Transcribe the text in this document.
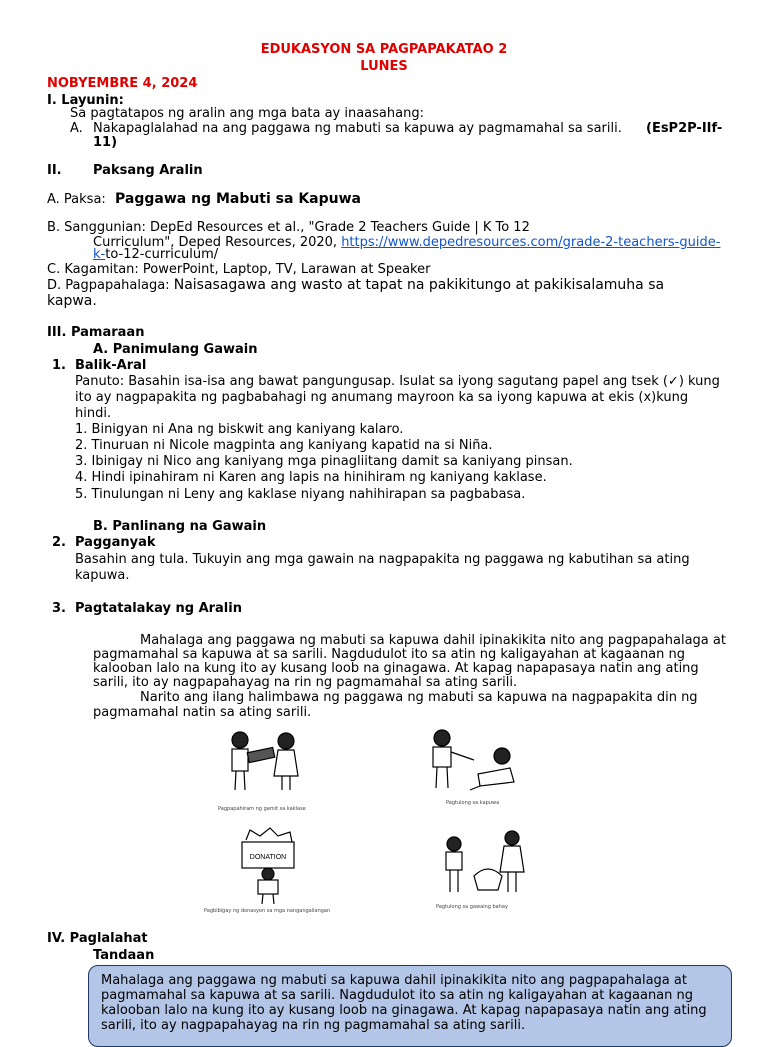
EDUKASYON SA PAGPAPAKATAO 2
LUNES
NOBYEMBRE 4, 2024
I. Layunin:
Sa pagtatapos ng aralin ang mga bata ay inaasahang:
A. Nakapaglalahad na ang paggawa ng mabuti sa kapuwa ay pagmamahal sa sarili. (EsP2P-IIf-
11)
II. Paksang Aralin
A. Paksa: Paggawa ng Mabuti sa Kapuwa
B. Sanggunian: DepEd Resources et al., "Grade 2 Teachers Guide | K To 12
Curriculum", Deped Resources, 2020, https://www.depedresources.com/grade-2-teachers-guide-
k-to-12-curriculum/
C. Kagamitan: PowerPoint, Laptop, TV, Larawan at Speaker
D. Pagpapahalaga: Naisasagawa ang wasto at tapat na pakikitungo at pakikisalamuha sa
kapwa.
III. Pamaraan
A. Panimulang Gawain
1. Balik-Aral
Panuto: Basahin isa-isa ang bawat pangungusap. Isulat sa iyong sagutang papel ang tsek (✓) kung
ito ay nagpapakita ng pagbabahagi ng anumang mayroon ka sa iyong kapuwa at ekis (x)kung
hindi.
1. Binigyan ni Ana ng biskwit ang kaniyang kalaro.
2. Tinuruan ni Nicole magpinta ang kaniyang kapatid na si Niña.
3. Ibinigay ni Nico ang kaniyang mga pinagliitang damit sa kaniyang pinsan.
4. Hindi ipinahiram ni Karen ang lapis na hinihiram ng kaniyang kaklase.
5. Tinulungan ni Leny ang kaklase niyang nahihirapan sa pagbabasa.
B. Panlinang na Gawain
2. Pagganyak
Basahin ang tula. Tukuyin ang mga gawain na nagpapakita ng paggawa ng kabutihan sa ating
kapuwa.
3. Pagtatalakay ng Aralin
Mahalaga ang paggawa ng mabuti sa kapuwa dahil ipinakikita nito ang pagpapahalaga at
pagmamahal sa kapuwa at sa sarili. Nagdudulot ito sa atin ng kaligayahan at kagaanan ng
kalooban lalo na kung ito ay kusang loob na ginagawa. At kapag napapasaya natin ang ating
sarili, ito ay nagpapahayag na rin ng pagmamahal sa ating sarili.
Narito ang ilang halimbawa ng paggawa ng mabuti sa kapuwa na nagpapakita din ng
pagmamahal natin sa ating sarili.
Pagpapahiram ng gamit sa kaklase
Pagtulong sa kapuwa
DONATION
Pagbibigay ng donasyon sa mga nangangailangan
Pagtulong sa gawaing bahay
IV. Paglalahat
Tandaan
Mahalaga ang paggawa ng mabuti sa kapuwa dahil ipinakikita nito ang pagpapahalaga at
pagmamahal sa kapuwa at sa sarili. Nagdudulot ito sa atin ng kaligayahan at kagaanan ng
kalooban lalo na kung ito ay kusang loob na ginagawa. At kapag napapasaya natin ang ating
sarili, ito ay nagpapahayag na rin ng pagmamahal sa ating sarili.
